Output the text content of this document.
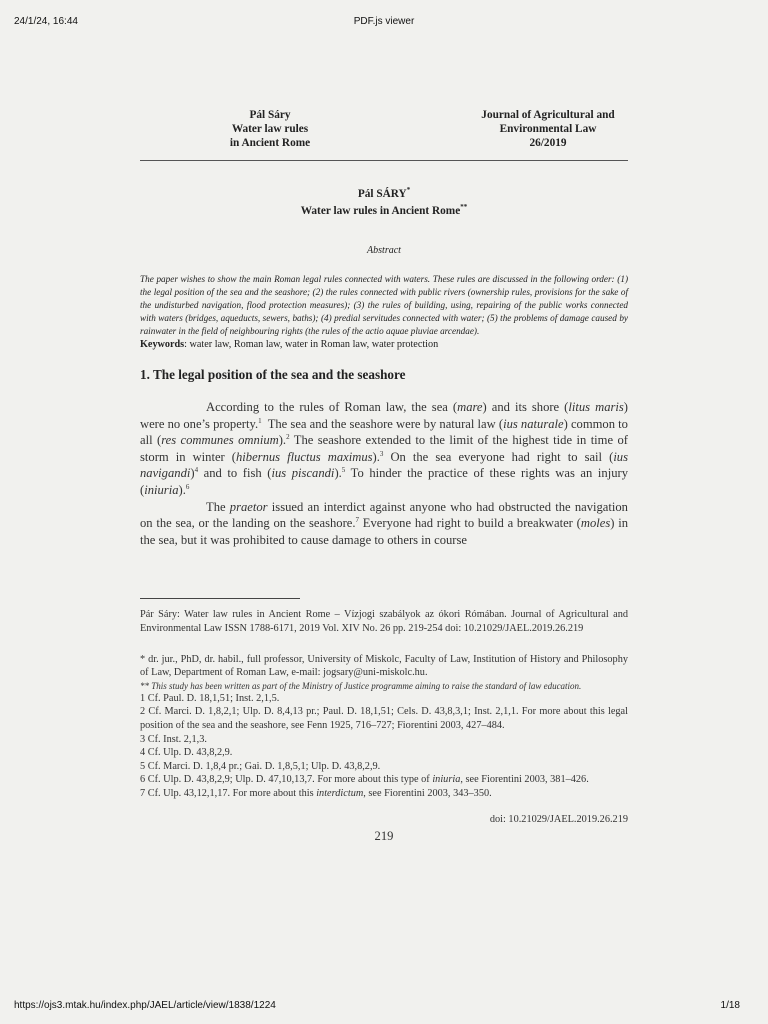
24/1/24, 16:44	PDF.js viewer
Pál Sáry
Water law rules
in Ancient Rome
Journal of Agricultural and
Environmental Law
26/2019
Pál SÁRY*
Water law rules in Ancient Rome**
Abstract
The paper wishes to show the main Roman legal rules connected with waters. These rules are discussed in the following order: (1) the legal position of the sea and the seashore; (2) the rules connected with public rivers (ownership rules, provisions for the sake of the undisturbed navigation, flood protection measures); (3) the rules of building, using, repairing of the public works connected with waters (bridges, aqueducts, sewers, baths); (4) predial servitudes connected with water; (5) the problems of damage caused by rainwater in the field of neighbouring rights (the rules of the actio aquae pluviae arcendae).
Keywords: water law, Roman law, water in Roman law, water protection
1. The legal position of the sea and the seashore

According to the rules of Roman law, the sea (mare) and its shore (litus maris) were no one’s property.$^1$  The sea and the seashore were by natural law (ius naturale) common to all (res communes omnium).$^2$ The seashore extended to the limit of the highest tide in time of storm in winter (hibernus fluctus maximus).$^3$ On the sea everyone had right to sail (ius navigandi)$^4$ and to fish (ius piscandi).$^5$ To hinder the practice of these rights was an injury (iniuria).$^6$

The praetor issued an interdict against anyone who had obstructed the navigation on the sea, or the landing on the seashore.$^7$ Everyone had right to build a breakwater (moles) in the sea, but it was prohibited to cause damage to others in course

Pár Sáry: Water law rules in Ancient Rome – Vízjogi szabályok az ókori Rómában. Journal of Agricultural and Environmental Law ISSN 1788-6171, 2019 Vol. XIV No. 26 pp. 219-254 doi: 10.21029/JAEL.2019.26.219
* dr. jur., PhD, dr. habil., full professor, University of Miskolc, Faculty of Law, Institution of History and Philosophy of Law, Department of Roman Law, e-mail: jogsary@uni-miskolc.hu.
** This study has been written as part of the Ministry of Justice programme aiming to raise the standard of law education.
1 Cf. Paul. D. 18,1,51; Inst. 2,1,5.
2 Cf. Marci. D. 1,8,2,1; Ulp. D. 8,4,13 pr.; Paul. D. 18,1,51; Cels. D. 43,8,3,1; Inst. 2,1,1. For more about this legal position of the sea and the seashore, see Fenn 1925, 716–727; Fiorentini 2003, 427–484.
3 Cf. Inst. 2,1,3.
4 Cf. Ulp. D. 43,8,2,9.
5 Cf. Marci. D. 1,8,4 pr.; Gai. D. 1,8,5,1; Ulp. D. 43,8,2,9.
6 Cf. Ulp. D. 43,8,2,9; Ulp. D. 47,10,13,7. For more about this type of iniuria, see Fiorentini 2003, 381–426.
7 Cf. Ulp. 43,12,1,17. For more about this interdictum, see Fiorentini 2003, 343–350.
doi: 10.21029/JAEL.2019.26.219
219
https://ojs3.mtak.hu/index.php/JAEL/article/view/1838/1224	1/18
